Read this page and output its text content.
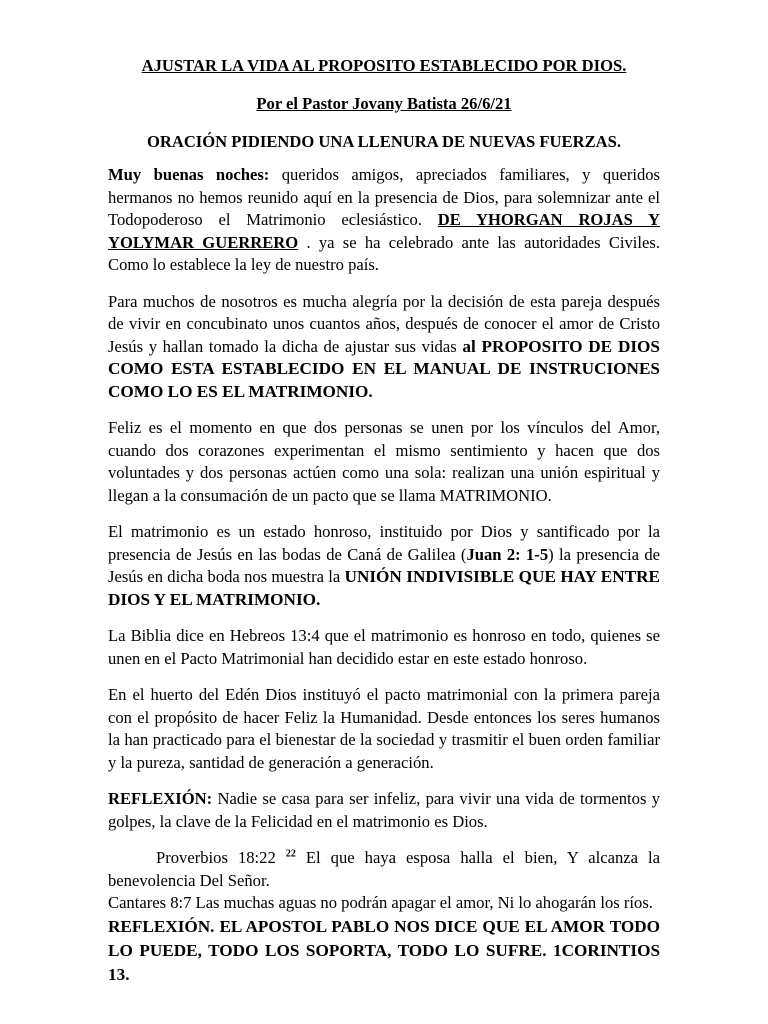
AJUSTAR LA VIDA AL PROPOSITO ESTABLECIDO POR DIOS.
Por el Pastor Jovany Batista 26/6/21
ORACIÓN PIDIENDO UNA LLENURA DE NUEVAS FUERZAS.

Muy buenas noches: queridos amigos, apreciados familiares, y queridos hermanos no hemos reunido aquí en la presencia de Dios, para solemnizar ante el Todopoderoso el Matrimonio eclesiástico. DE YHORGAN ROJAS Y YOLYMAR GUERRERO . ya se ha celebrado ante las autoridades Civiles. Como lo establece la ley de nuestro país.

Para muchos de nosotros es mucha alegría por la decisión de esta pareja después de vivir en concubinato unos cuantos años, después de conocer el amor de Cristo Jesús y hallan tomado la dicha de ajustar sus vidas al PROPOSITO DE DIOS COMO ESTA ESTABLECIDO EN EL MANUAL DE INSTRUCIONES COMO LO ES EL MATRIMONIO.

Feliz es el momento en que dos personas se unen por los vínculos del Amor, cuando dos corazones experimentan el mismo sentimiento y hacen que dos voluntades y dos personas actúen como una sola: realizan una unión espiritual y llegan a la consumación de un pacto que se llama MATRIMONIO.

El matrimonio es un estado honroso, instituido por Dios y santificado por la presencia de Jesús en las bodas de Caná de Galilea (Juan 2: 1-5) la presencia de Jesús en dicha boda nos muestra la UNIÓN INDIVISIBLE QUE HAY ENTRE DIOS Y EL MATRIMONIO.

La Biblia dice en Hebreos 13:4 que el matrimonio es honroso en todo, quienes se unen en el Pacto Matrimonial han decidido estar en este estado honroso.

En el huerto del Edén Dios instituyó el pacto matrimonial con la primera pareja con el propósito de hacer Feliz la Humanidad. Desde entonces los seres humanos la han practicado para el bienestar de la sociedad y trasmitir el buen orden familiar y la pureza, santidad de generación a generación.

REFLEXIÓN: Nadie se casa para ser infeliz, para vivir una vida de tormentos y golpes, la clave de la Felicidad en el matrimonio es Dios.

Proverbios 18:22 $^{22}$ El que haya esposa halla el bien, Y alcanza la benevolencia Del Señor.

Cantares 8:7 Las muchas aguas no podrán apagar el amor, Ni lo ahogarán los ríos.

REFLEXIÓN. EL APOSTOL PABLO NOS DICE QUE EL AMOR TODO LO PUEDE, TODO LOS SOPORTA, TODO LO SUFRE. 1CORINTIOS 13.
